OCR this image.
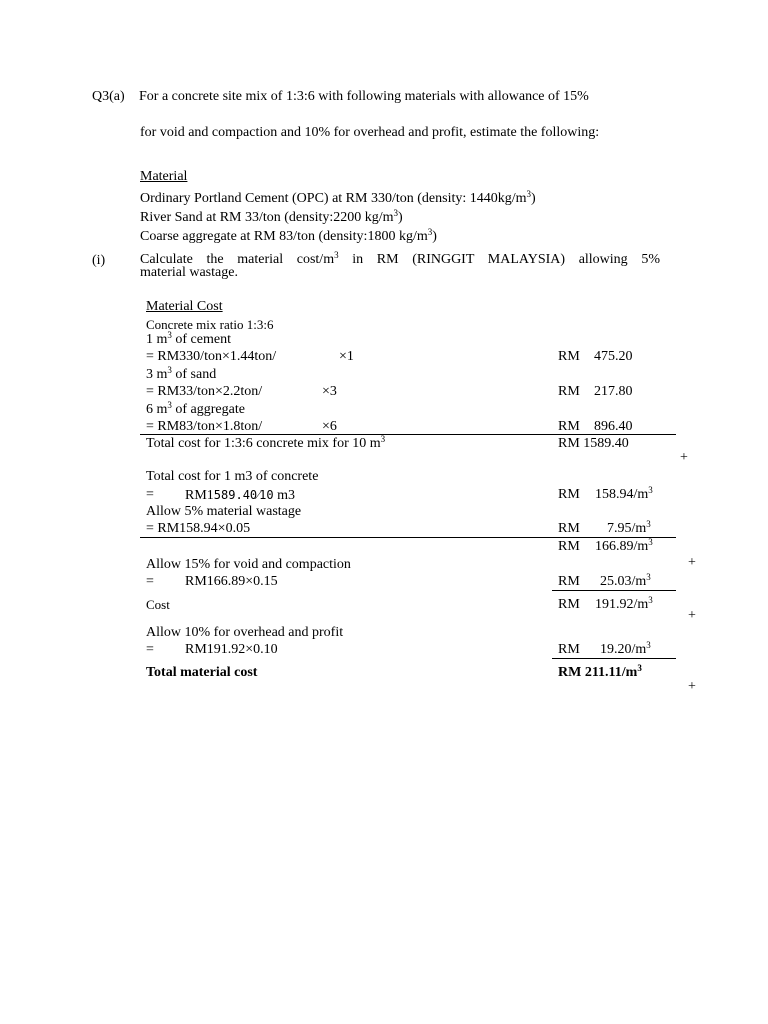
Q3(a) For a concrete site mix of 1:3:6 with following materials with allowance of 15%
for void and compaction and 10% for overhead and profit, estimate the following:
Material
Ordinary Portland Cement (OPC) at RM 330/ton (density: $1440kg/m^3$)
River Sand at RM 33/ton (density:2200 $kg/m^3$)
Coarse aggregate at RM 83/ton (density:1800 $kg/m^3$)
(i) Calculate the material cost/$m^3$ in RM (RINGGIT MALAYSIA) allowing 5%
material wastage.
Material Cost
Concrete mix ratio 1:3:6
1 $m^3$ of cement
= RM330/ton×1.44ton/	×1	RM 475.20
3 $m^3$ of sand
= RM33/ton×2.2ton/	×3	RM 217.80
6 $m^3$ of aggregate
= RM83/ton×1.8ton/	×6	RM 896.40
Total cost for 1:3:6 concrete mix for 10 $m^3$	RM 1589.40
+
Total cost for 1 m3 of concrete
= RM1589.40⁄10 m3	RM $158.94/m^3$
Allow 5% material wastage
= RM158.94×0.05	RM $7.95/m^3$
RM $166.89/m^3$
+
Allow 15% for void and compaction
= RM166.89×0.15	RM $25.03/m^3$
Cost	RM $191.92/m^3$
+
Allow 10% for overhead and profit
= RM191.92×0.10	RM $19.20/m^3$
Total material cost	RM $211.11/m^3$
+
